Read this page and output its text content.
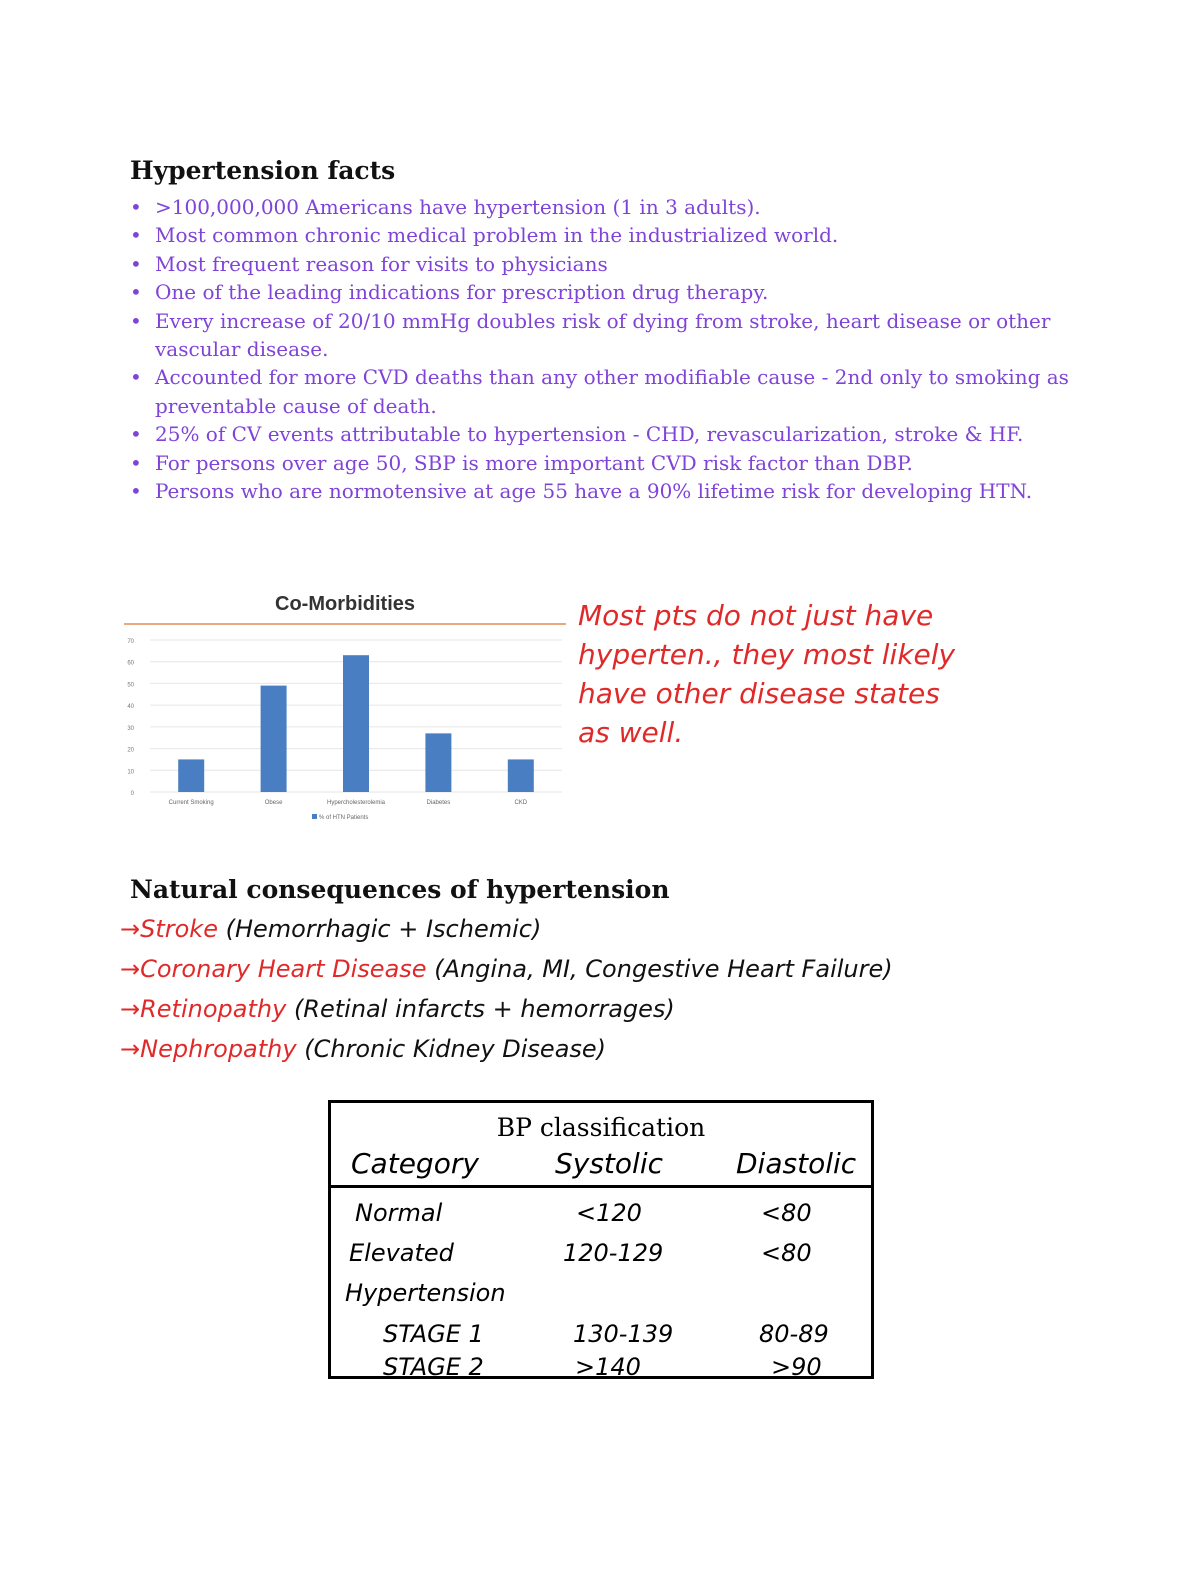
Hypertension facts
• >100,000,000 Americans have hypertension (1 in 3 adults).
• Most common chronic medical problem in the industrialized world.
• Most frequent reason for visits to physicians
• One of the leading indications for prescription drug therapy.
• Every increase of 20/10 mmHg doubles risk of dying from stroke, heart disease or other vascular disease.
• Accounted for more CVD deaths than any other modifiable cause - 2nd only to smoking as preventable cause of death.
• 25% of CV events attributable to hypertension - CHD, revascularization, stroke & HF.
• For persons over age 50, SBP is more important CVD risk factor than DBP.
• Persons who are normotensive at age 55 have a 90% lifetime risk for developing HTN.
Co-Morbidities
0
10
20
30
40
50
60
70
Current Smoking	Obese	Hypercholesterolemia	Diabetes	CKD
% of HTN Patients

Most pts do not just have hyperten., they most likely have other disease states as well.

Natural consequences of hypertension
→Stroke (Hemorrhagic + Ischemic)
→Coronary Heart Disease (Angina, MI, Congestive Heart Failure)
→Retinopathy (Retinal infarcts + hemorrages)
→Nephropathy (Chronic Kidney Disease)
BP classification
Category	Systolic	Diastolic
Normal	<120	<80
Elevated	120-129	<80
Hypertension
STAGE 1	130-139	80-89
STAGE 2	>140	>90
